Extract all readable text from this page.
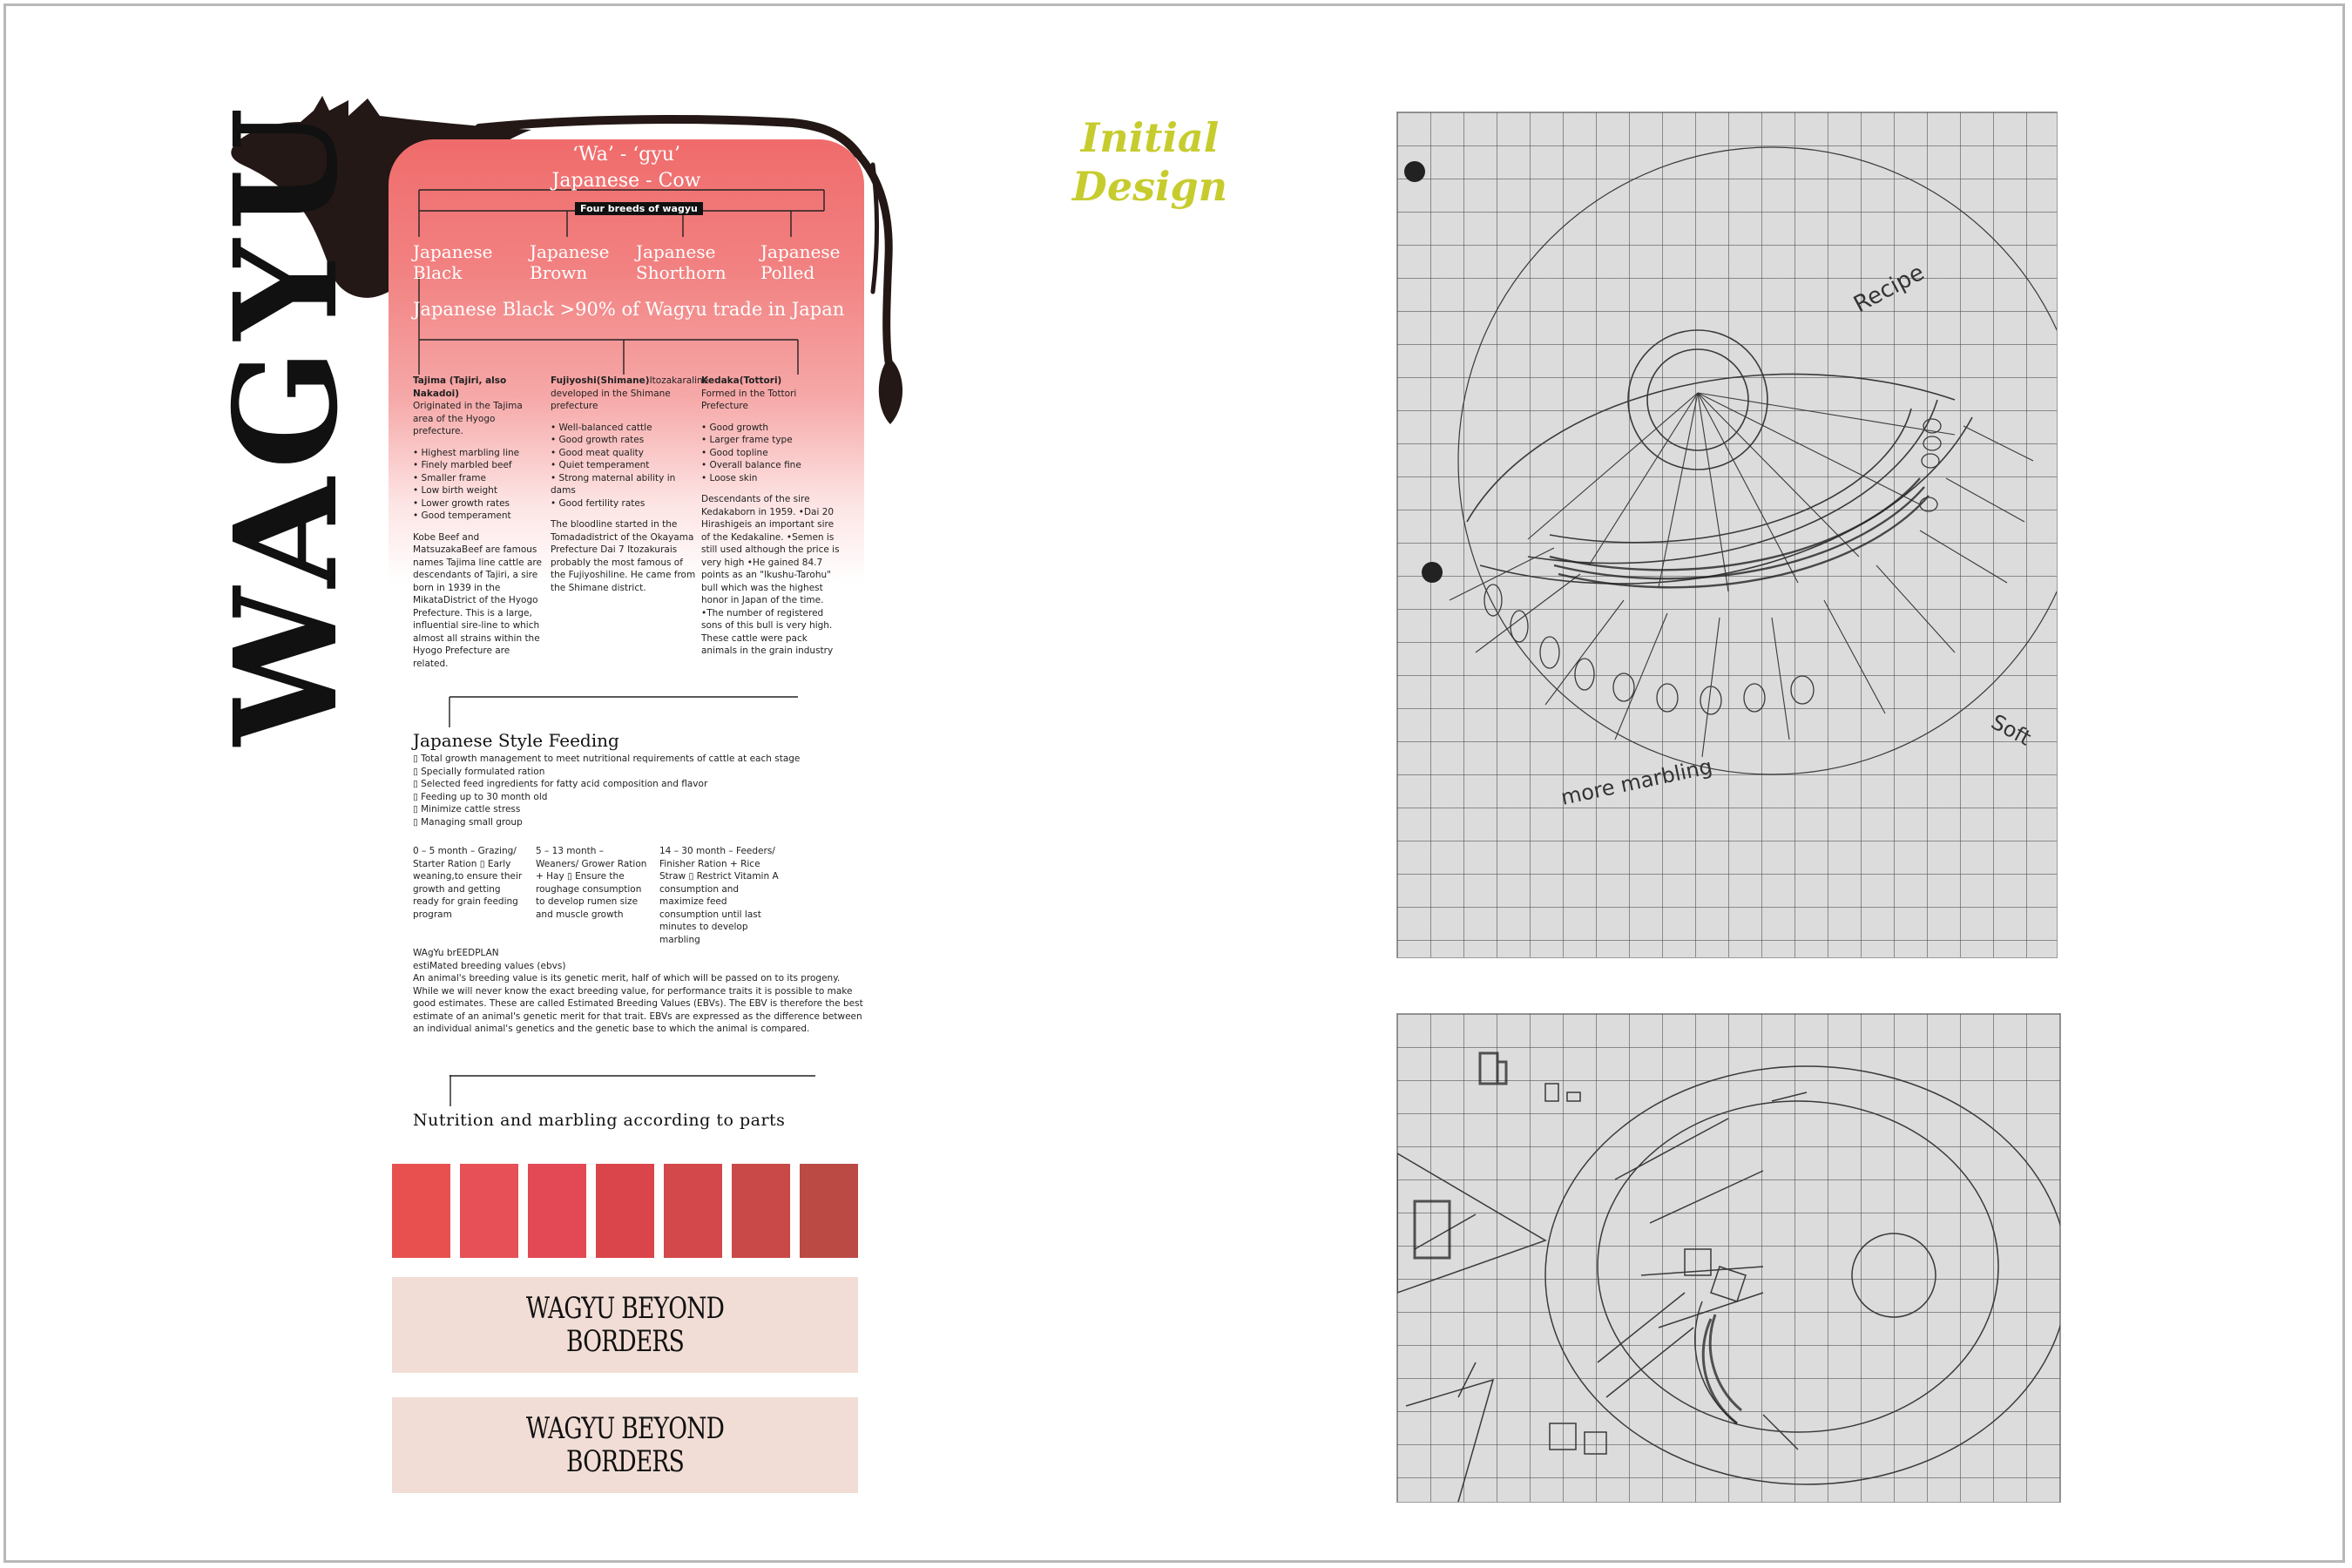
WAGYU	‘Wa’ - ‘gyu’
Japanese - Cow
Four breeds of wagyu
Japanese
Black
Japanese
Brown
Japanese
Shorthorn
Japanese
Polled
Japanese Black >90% of Wagyu trade in Japan
Tajima (Tajiri, also Nakadoi)
Originated in the Tajima area of the Hyogo prefecture.
• Highest marbling line
• Finely marbled beef
• Smaller frame
• Low birth weight
• Lower growth rates
• Good temperament
Kobe Beef and MatsuzakaBeef are famous names Tajima line cattle are descendants of Tajiri, a sire born in 1939 in the MikataDistrict of the Hyogo Prefecture. This is a large, influential sire-line to which almost all strains within the Hyogo Prefecture are related.
Fujiyoshi(Shimane)Itozakaraline developed in the Shimane prefecture
• Well-balanced cattle
• Good growth rates
• Good meat quality
• Quiet temperament
• Strong maternal ability in dams
• Good fertility rates
The bloodline started in the Tomadadistrict of the Okayama Prefecture Dai 7 Itozakurais probably the most famous of the Fujiyoshiline. He came from the Shimane district.
Kedaka(Tottori)
Formed in the Tottori Prefecture
• Good growth
• Larger frame type
• Good topline
• Overall balance fine
• Loose skin
Descendants of the sire Kedakaborn in 1959. •Dai 20 Hirashigeis an important sire of the Kedakaline. •Semen is still used although the price is very high •He gained 84.7 points as an "Ikushu-Tarohu" bull which was the highest honor in Japan of the time. •The number of registered sons of this bull is very high. These cattle were pack animals in the grain industry
Japanese Style Feeding
▯ Total growth management to meet nutritional requirements of cattle at each stage
▯ Specially formulated ration
▯ Selected feed ingredients for fatty acid composition and flavor
▯ Feeding up to 30 month old
▯ Minimize cattle stress
▯ Managing small group
0 – 5 month – Grazing/ Starter Ration ▯ Early weaning,to ensure their growth and getting ready for grain feeding program
5 – 13 month – Weaners/ Grower Ration + Hay ▯ Ensure the roughage consumption to develop rumen size and muscle growth
14 – 30 month – Feeders/ Finisher Ration + Rice Straw ▯ Restrict Vitamin A consumption and maximize feed consumption until last minutes to develop marbling
WAgYu brEEDPLAN
estiMated breeding values (ebvs)
An animal's breeding value is its genetic merit, half of which will be passed on to its progeny. While we will never know the exact breeding value, for performance traits it is possible to make good estimates. These are called Estimated Breeding Values (EBVs). The EBV is therefore the best estimate of an animal's genetic merit for that trait. EBVs are expressed as the difference between an individual animal's genetics and the genetic base to which the animal is compared.
Nutrition and marbling according to parts
WAGYU BEYOND
BORDERS
WAGYU BEYOND
BORDERS
Initial
Design
Recipe
Soft
more marbling
